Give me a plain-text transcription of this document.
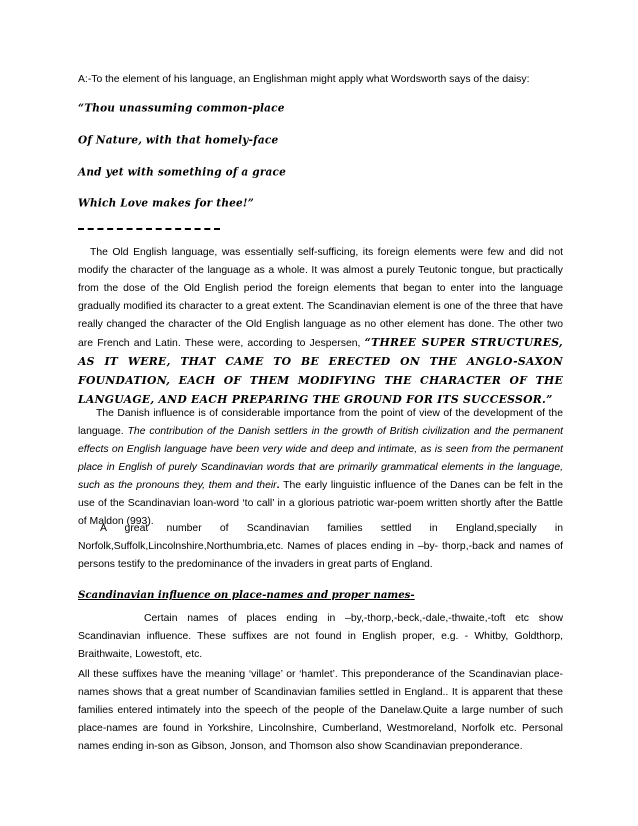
A:-To the element of his language, an Englishman might apply what Wordsworth says of the daisy:

“Thou unassuming common-place
Of Nature, with that homely-face
And yet with something of a grace
Which Love makes for thee!”

The Old English language, was essentially self-sufficing, its foreign elements were few and did not modify the character of the language as a whole. It was almost a purely Teutonic tongue, but practically from the dose of the Old English period the foreign elements that began to enter into the language gradually modified its character to a great extent. The Scandinavian element is one of the three that have really changed the character of the Old English language as no other element has done. The other two are French and Latin. These were, according to Jespersen, “THREE SUPER STRUCTURES, AS IT WERE, THAT CAME TO BE ERECTED ON THE ANGLO-SAXON FOUNDATION, EACH OF THEM MODIFYING THE CHARACTER OF THE LANGUAGE, AND EACH PREPARING THE GROUND FOR ITS SUCCESSOR.”

The Danish influence is of considerable importance from the point of view of the development of the language. The contribution of the Danish settlers in the growth of British civilization and the permanent effects on English language have been very wide and deep and intimate, as is seen from the permanent place in English of purely Scandinavian words that are primarily grammatical elements in the language, such as the pronouns they, them and their. The early linguistic influence of the Danes can be felt in the use of the Scandinavian loan-word ‘to call’ in a glorious patriotic war-poem written shortly after the Battle of Maldon (993).

A great number of Scandinavian families settled in England,specially in Norfolk,Suffolk,Lincolnshire,Northumbria,etc. Names of places ending in –by- thorp,-back and names of persons testify to the predominance of the invaders in great parts of England.

Scandinavian influence on place-names and proper names-

Certain names of places ending in –by,-thorp,-beck,-dale,-thwaite,-toft etc show Scandinavian influence. These suffixes are not found in English proper, e.g. - Whitby, Goldthorp, Braithwaite, Lowestoft, etc.

All these suffixes have the meaning ‘village’ or ‘hamlet’. This preponderance of the Scandinavian place-names shows that a great number of Scandinavian families settled in England.. It is apparent that these families entered intimately into the speech of the people of the Danelaw.Quite a large number of such place-names are found in Yorkshire, Lincolnshire, Cumberland, Westmoreland, Norfolk etc. Personal names ending in-son as Gibson, Jonson, and Thomson also show Scandinavian preponderance.
